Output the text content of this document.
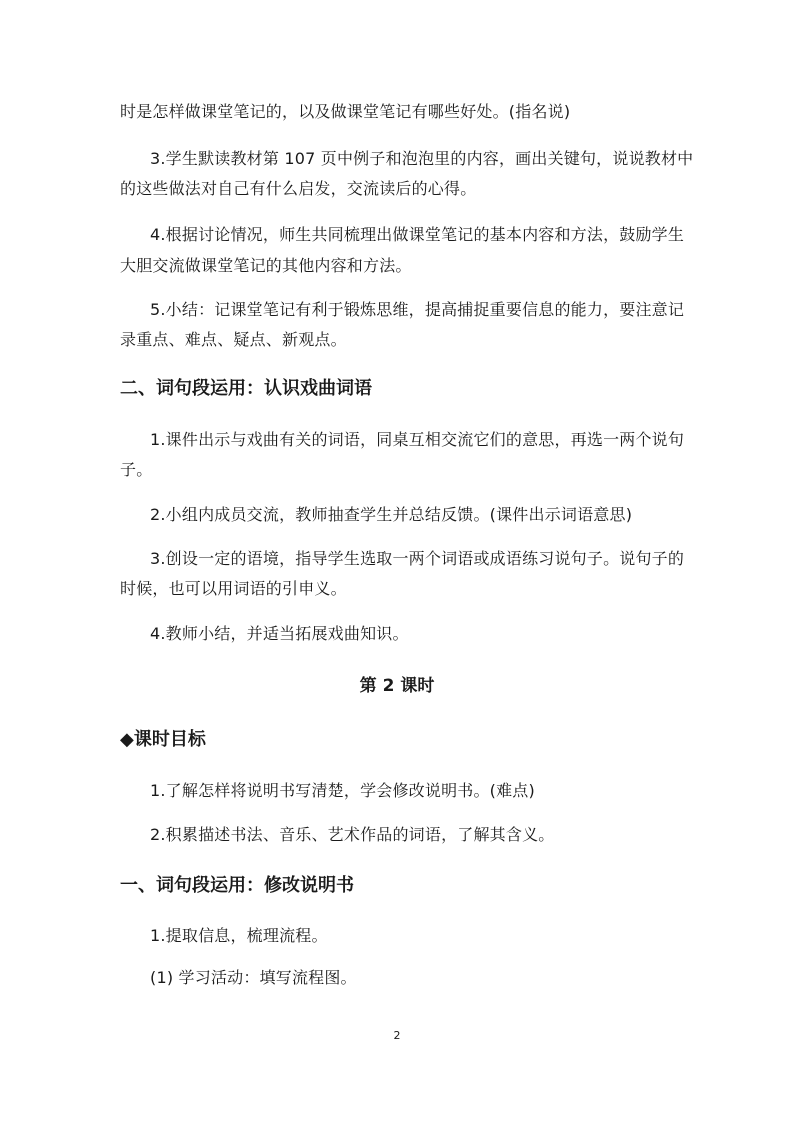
时是怎样做课堂笔记的，以及做课堂笔记有哪些好处。(指名说)
3.学生默读教材第 107 页中例子和泡泡里的内容，画出关键句，说说教材中
的这些做法对自己有什么启发，交流读后的心得。
4.根据讨论情况，师生共同梳理出做课堂笔记的基本内容和方法，鼓励学生
大胆交流做课堂笔记的其他内容和方法。
5.小结：记课堂笔记有利于锻炼思维，提高捕捉重要信息的能力，要注意记
录重点、难点、疑点、新观点。
二、词句段运用：认识戏曲词语
1.课件出示与戏曲有关的词语，同桌互相交流它们的意思，再选一两个说句
子。
2.小组内成员交流，教师抽查学生并总结反馈。(课件出示词语意思)
3.创设一定的语境，指导学生选取一两个词语或成语练习说句子。说句子的
时候，也可以用词语的引申义。
4.教师小结，并适当拓展戏曲知识。
第 2 课时
◆课时目标
1.了解怎样将说明书写清楚，学会修改说明书。(难点)
2.积累描述书法、音乐、艺术作品的词语，了解其含义。
一、词句段运用：修改说明书
1.提取信息，梳理流程。
(1) 学习活动：填写流程图。
2
